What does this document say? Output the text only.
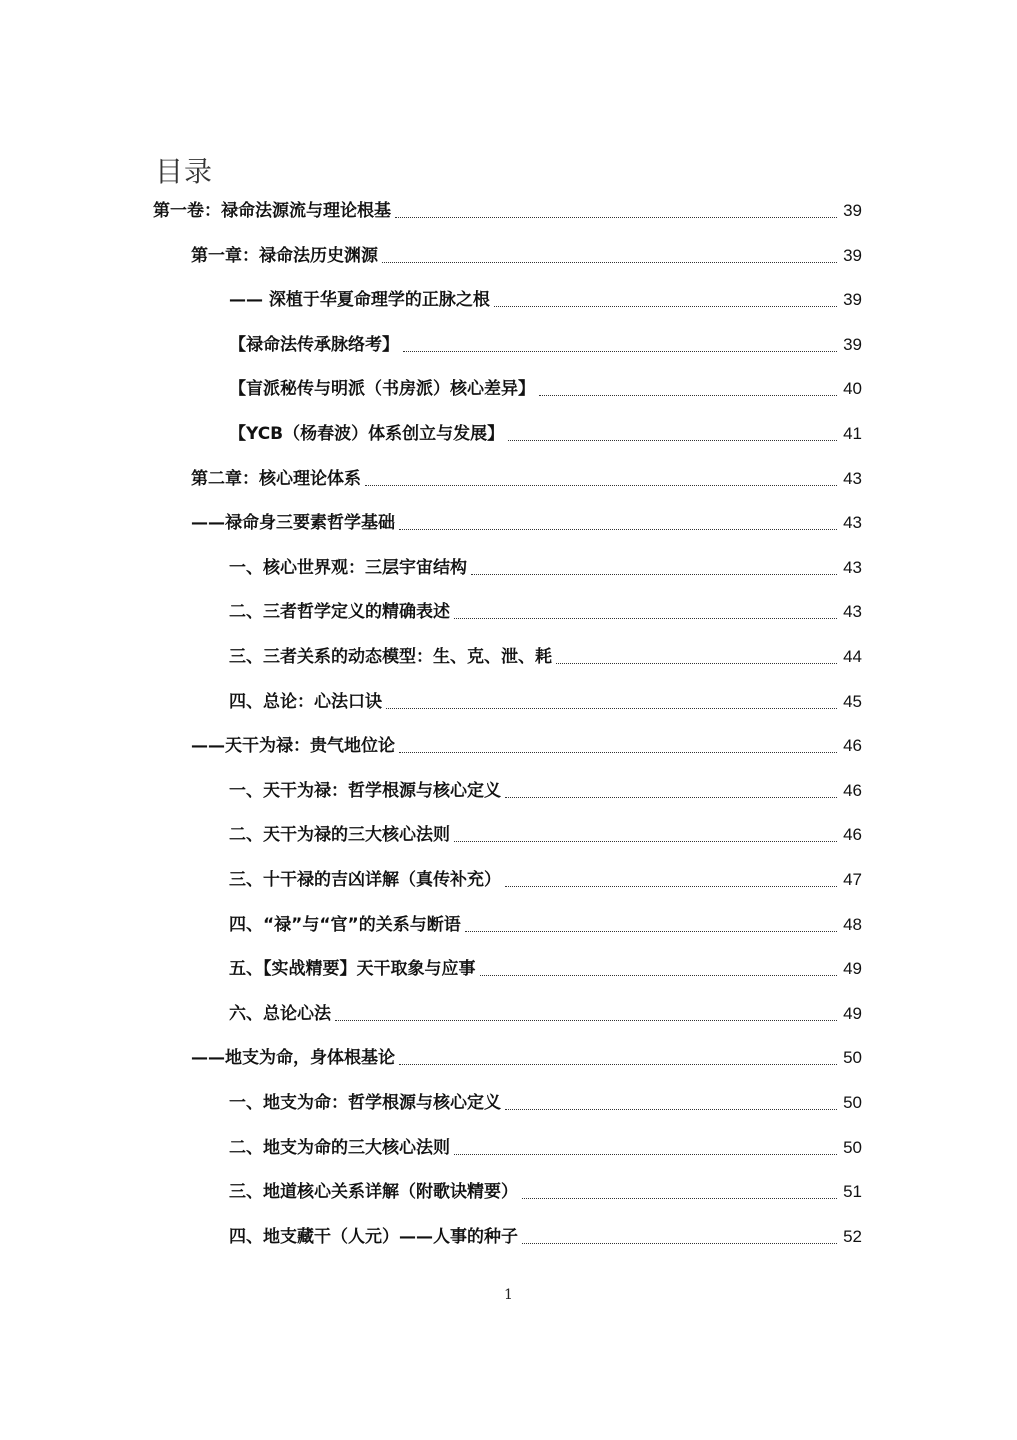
目录
第一卷：禄命法源流与理论根基	39
第一章：禄命法历史渊源	39
—— 深植于华夏命理学的正脉之根	39
【禄命法传承脉络考】	39
【盲派秘传与明派（书房派）核心差异】	40
【YCB（杨春波）体系创立与发展】	41
第二章：核心理论体系	43
——禄命身三要素哲学基础	43
一、核心世界观：三层宇宙结构	43
二、三者哲学定义的精确表述	43
三、三者关系的动态模型：生、克、泄、耗	44
四、总论：心法口诀	45
——天干为禄：贵气地位论	46
一、天干为禄：哲学根源与核心定义	46
二、天干为禄的三大核心法则	46
三、十干禄的吉凶详解（真传补充）	47
四、“禄”与“官”的关系与断语	48
五、【实战精要】天干取象与应事	49
六、总论心法	49
——地支为命，身体根基论	50
一、地支为命：哲学根源与核心定义	50
二、地支为命的三大核心法则	50
三、地道核心关系详解（附歌诀精要）	51
四、地支藏干（人元）——人事的种子	52
1
